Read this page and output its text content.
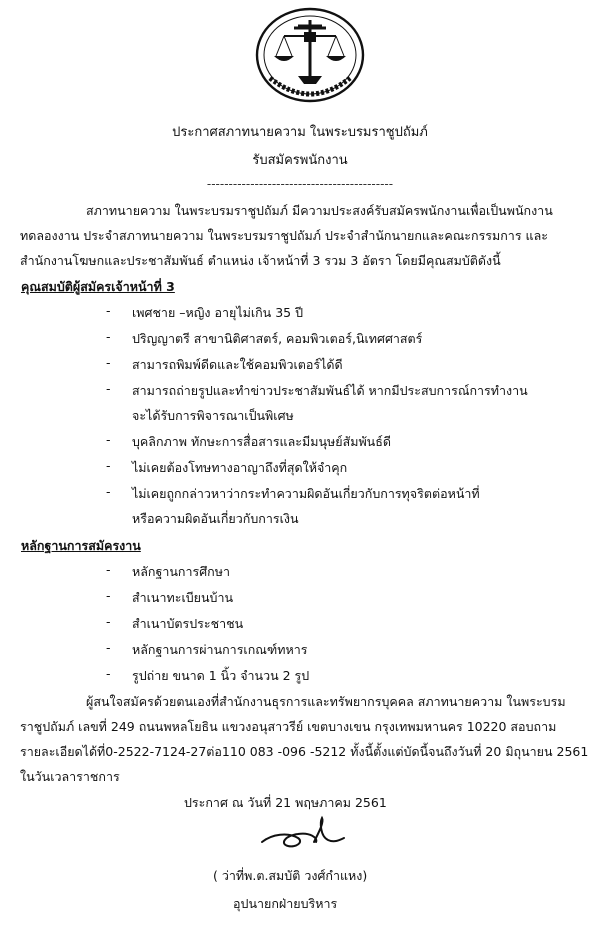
ประกาศสภาทนายความ ในพระบรมราชูปถัมภ์
รับสมัครพนักงาน
-------------------------------------------
สภาทนายความ ในพระบรมราชูปถัมภ์ มีความประสงค์รับสมัครพนักงานเพื่อเป็นพนักงาน
ทดลองงาน ประจำสภาทนายความ ในพระบรมราชูปถัมภ์ ประจำสำนักนายกและคณะกรรมการ และ
สำนักงานโฆษกและประชาสัมพันธ์ ตำแหน่ง เจ้าหน้าที่ 3 รวม 3 อัตรา โดยมีคุณสมบัติดังนี้
คุณสมบัติผู้สมัครเจ้าหน้าที่ 3
- เพศชาย –หญิง อายุไม่เกิน 35 ปี
- ปริญญาตรี สาขานิติศาสตร์, คอมพิวเตอร์,นิเทศศาสตร์
- สามารถพิมพ์ดีดและใช้คอมพิวเตอร์ได้ดี
- สามารถถ่ายรูปและทำข่าวประชาสัมพันธ์ได้ หากมีประสบการณ์การทำงาน
จะได้รับการพิจารณาเป็นพิเศษ
- บุคลิกภาพ ทักษะการสื่อสารและมีมนุษย์สัมพันธ์ดี
- ไม่เคยต้องโทษทางอาญาถึงที่สุดให้จำคุก
- ไม่เคยถูกกล่าวหาว่ากระทำความผิดอันเกี่ยวกับการทุจริตต่อหน้าที่
หรือความผิดอันเกี่ยวกับการเงิน
หลักฐานการสมัครงาน
- หลักฐานการศึกษา
- สำเนาทะเบียนบ้าน
- สำเนาบัตรประชาชน
- หลักฐานการผ่านการเกณฑ์ทหาร
- รูปถ่าย ขนาด 1 นิ้ว จำนวน 2 รูป
ผู้สนใจสมัครด้วยตนเองที่สำนักงานธุรการและทรัพยากรบุคคล สภาทนายความ ในพระบรม
ราชูปถัมภ์ เลขที่ 249 ถนนพหลโยธิน แขวงอนุสาวรีย์ เขตบางเขน กรุงเทพมหานคร 10220 สอบถาม
รายละเอียดได้ที่0-2522-7124-27ต่อ110 083 -096 -5212 ทั้งนี้ตั้งแต่บัดนี้จนถึงวันที่ 20 มิถุนายน 2561
ในวันเวลาราชการ
ประกาศ ณ วันที่ 21 พฤษภาคม 2561
( ว่าที่พ.ต.สมบัติ วงศ์กำแหง)
อุปนายกฝ่ายบริหาร
